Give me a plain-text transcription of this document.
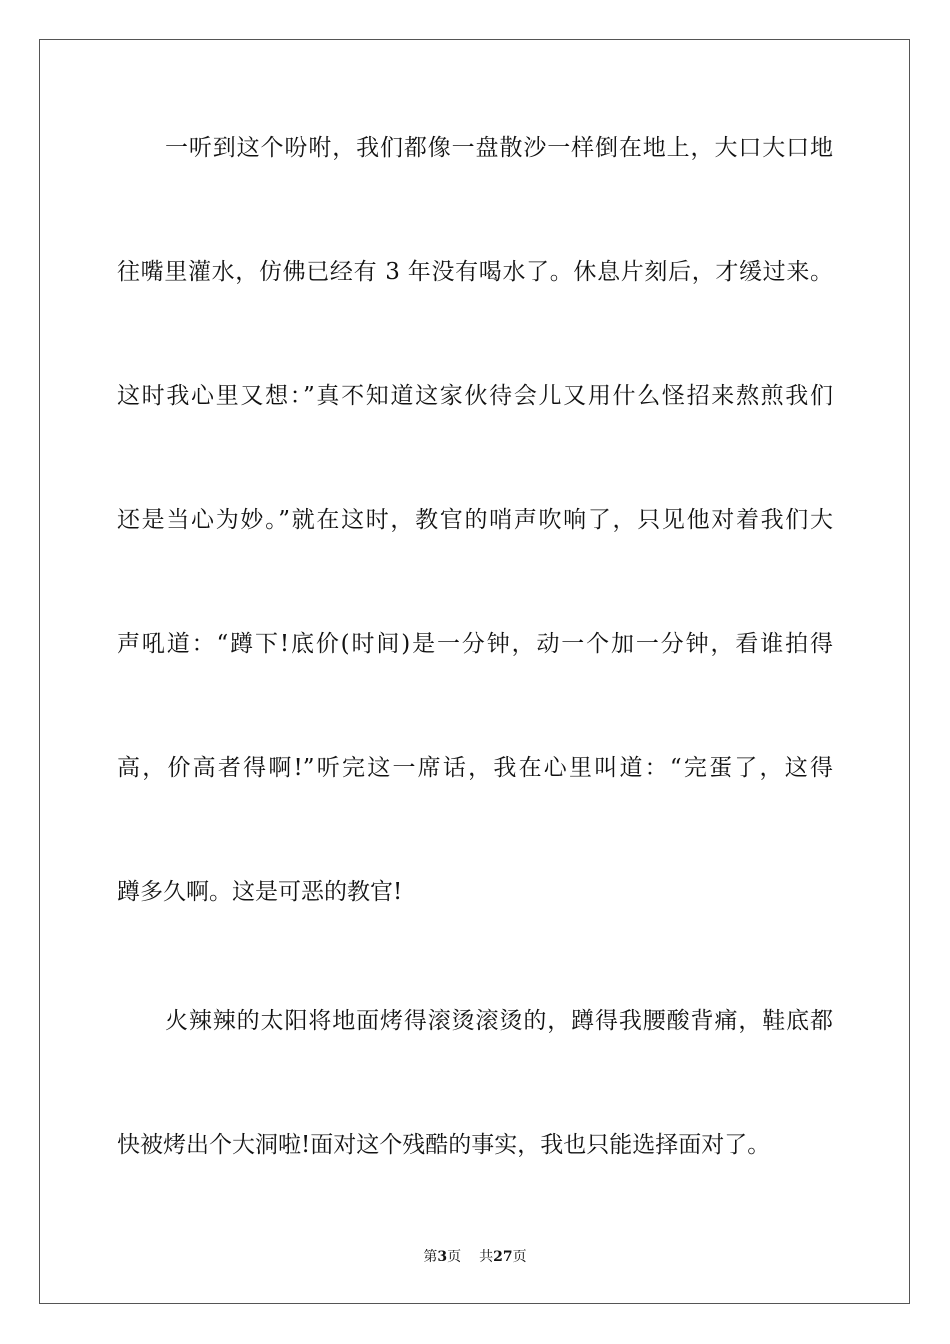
一听到这个吩咐，我们都像一盘散沙一样倒在地上，大口大口地
往嘴里灌水，仿佛已经有 3 年没有喝水了。休息片刻后，才缓过来。
这时我心里又想：”真不知道这家伙待会儿又用什么怪招来熬煎我们
还是当心为妙。”就在这时，教官的哨声吹响了，只见他对着我们大
声吼道：“蹲下!底价(时间)是一分钟，动一个加一分钟，看谁拍得
高，价高者得啊!”听完这一席话，我在心里叫道：“完蛋了，这得
蹲多久啊。这是可恶的教官!
火辣辣的太阳将地面烤得滚烫滚烫的，蹲得我腰酸背痛，鞋底都
快被烤出个大洞啦!面对这个残酷的事实，我也只能选择面对了。
第3页 共27页
